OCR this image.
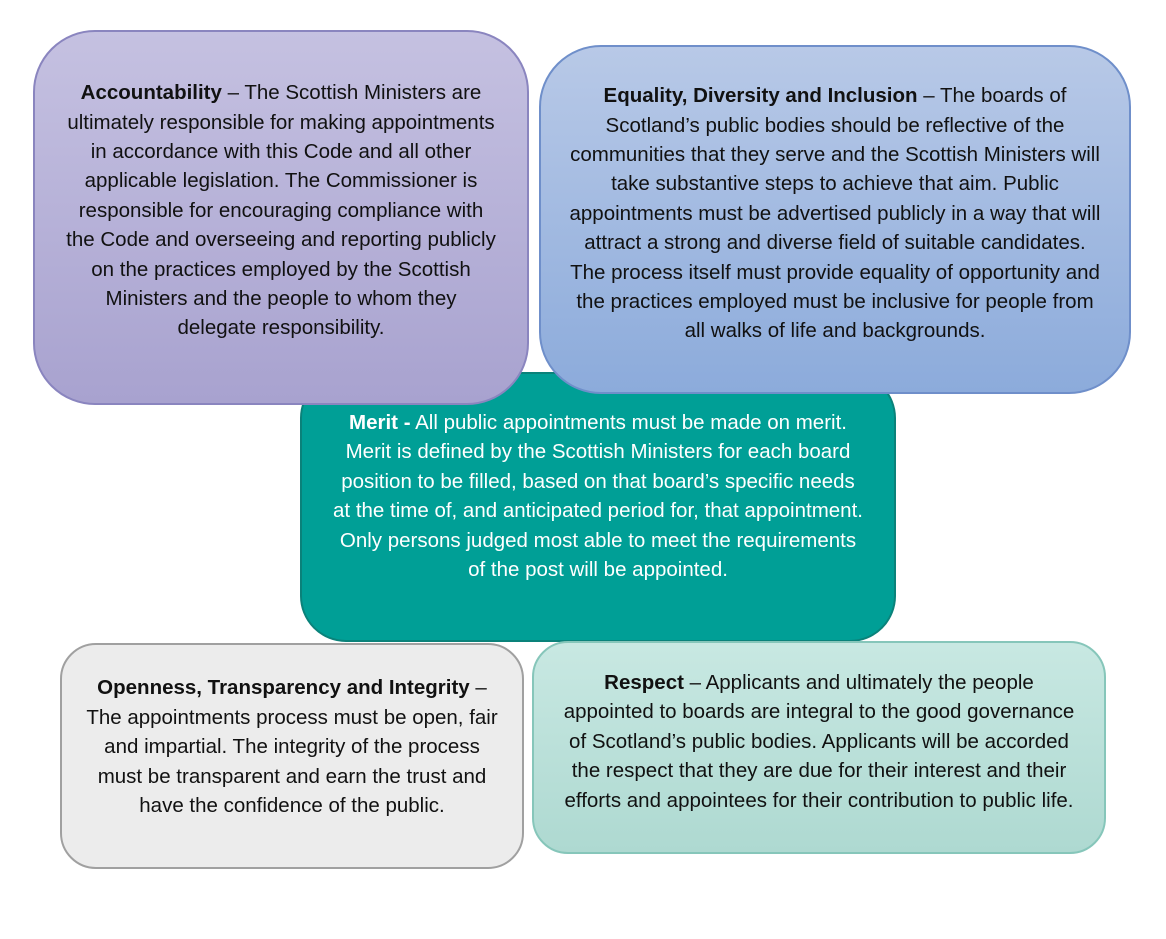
Merit - All public appointments must be made on merit. Merit is defined by the Scottish Ministers for each board position to be filled, based on that board’s specific needs at the time of, and anticipated period for, that appointment. Only persons judged most able to meet the requirements of the post will be appointed.

Accountability – The Scottish Ministers are ultimately responsible for making appointments in accordance with this Code and all other applicable legislation. The Commissioner is responsible for encouraging compliance with the Code and overseeing and reporting publicly on the practices employed by the Scottish Ministers and the people to whom they delegate responsibility.

Equality, Diversity and Inclusion – The boards of Scotland’s public bodies should be reflective of the communities that they serve and the Scottish Ministers will take substantive steps to achieve that aim. Public appointments must be advertised publicly in a way that will attract a strong and diverse field of suitable candidates. The process itself must provide equality of opportunity and the practices employed must be inclusive for people from all walks of life and backgrounds.

Openness, Transparency and Integrity – The appointments process must be open, fair and impartial. The integrity of the process must be transparent and earn the trust and have the confidence of the public.

Respect – Applicants and ultimately the people appointed to boards are integral to the good governance of Scotland’s public bodies. Applicants will be accorded the respect that they are due for their interest and their efforts and appointees for their contribution to public life.
